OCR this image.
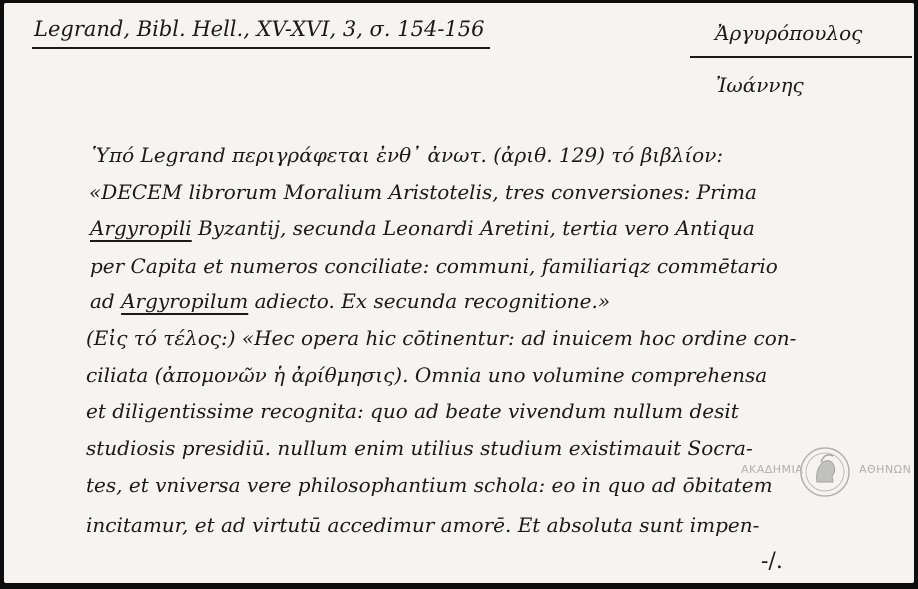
Legrand, Bibl. Hell., XV-XVI, 3, σ. 154-156	Ἀργυρόπουλος
Ἰωάννης
Ὑπό Legrand περιγράφεται ἐνθ᾽ ἀνωτ. (ἀριθ. 129) τό βιβλίον:
«DECEM librorum Moralium Aristotelis, tres conversiones: Prima
Argyropili Byzantij, secunda Leonardi Aretini, tertia vero Antiqua
per Capita et numeros conciliate: communi, familiariqz commētario
ad Argyropilum adiecto. Ex secunda recognitione.»
(Εἰς τό τέλος:) «Hec opera hic cōtinentur: ad inuicem hoc ordine con-
ciliata (ἀπομονῶν ἡ ἀρίθμησις). Omnia uno volumine comprehensa
et diligentissime recognita: quo ad beate vivendum nullum desit
studiosis presidiū. nullum enim utilius studium existimauit Socra-
tes, et vniversa vere philosophantium schola: eo in quo ad ōbitatem
incitamur, et ad virtutū accedimur amorē. Et absoluta sunt impen-
-/.
ΑΚΑΔΗΜΙΑ	ΑΘΗΝΩΝ
